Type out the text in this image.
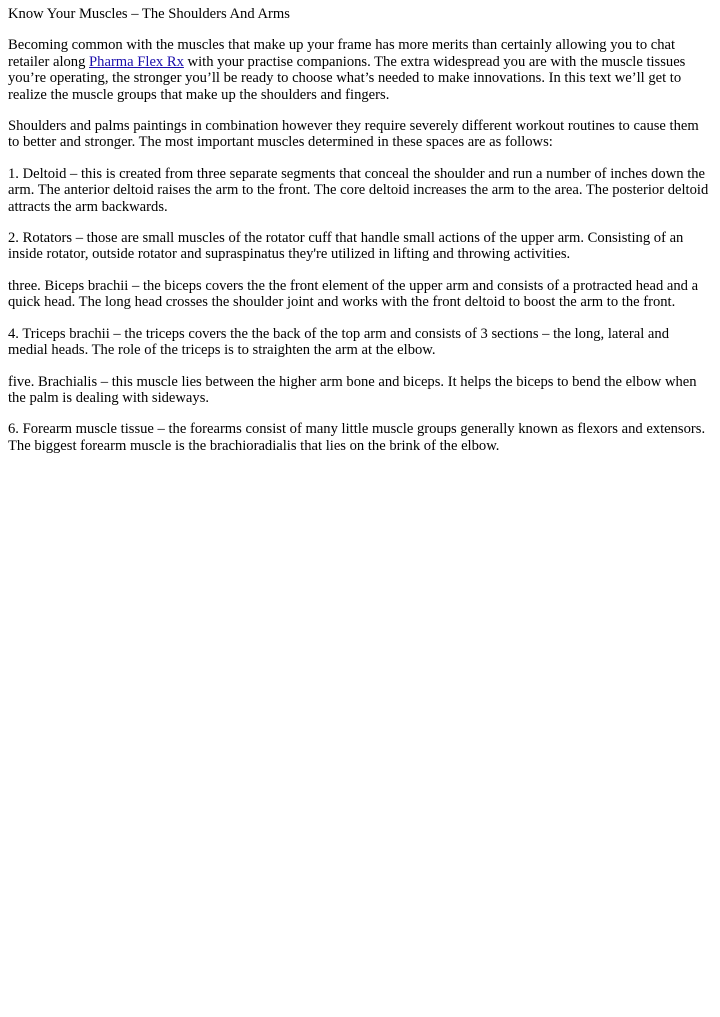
Know Your Muscles – The Shoulders And Arms

Becoming common with the muscles that make up your frame has more merits than certainly allowing you to chat retailer along Pharma Flex Rx with your practise companions. The extra widespread you are with the muscle tissues you’re operating, the stronger you’ll be ready to choose what’s needed to make innovations. In this text we’ll get to realize the muscle groups that make up the shoulders and fingers.

Shoulders and palms paintings in combination however they require severely different workout routines to cause them to better and stronger. The most important muscles determined in these spaces are as follows:

1. Deltoid – this is created from three separate segments that conceal the shoulder and run a number of inches down the arm. The anterior deltoid raises the arm to the front. The core deltoid increases the arm to the area. The posterior deltoid attracts the arm backwards.

2. Rotators – those are small muscles of the rotator cuff that handle small actions of the upper arm. Consisting of an inside rotator, outside rotator and supraspinatus they're utilized in lifting and throwing activities.

three. Biceps brachii – the biceps covers the the front element of the upper arm and consists of a protracted head and a quick head. The long head crosses the shoulder joint and works with the front deltoid to boost the arm to the front.

4. Triceps brachii – the triceps covers the the back of the top arm and consists of 3 sections – the long, lateral and medial heads. The role of the triceps is to straighten the arm at the elbow.

five. Brachialis – this muscle lies between the higher arm bone and biceps. It helps the biceps to bend the elbow when the palm is dealing with sideways.

6. Forearm muscle tissue – the forearms consist of many little muscle groups generally known as flexors and extensors. The biggest forearm muscle is the brachioradialis that lies on the brink of the elbow.
